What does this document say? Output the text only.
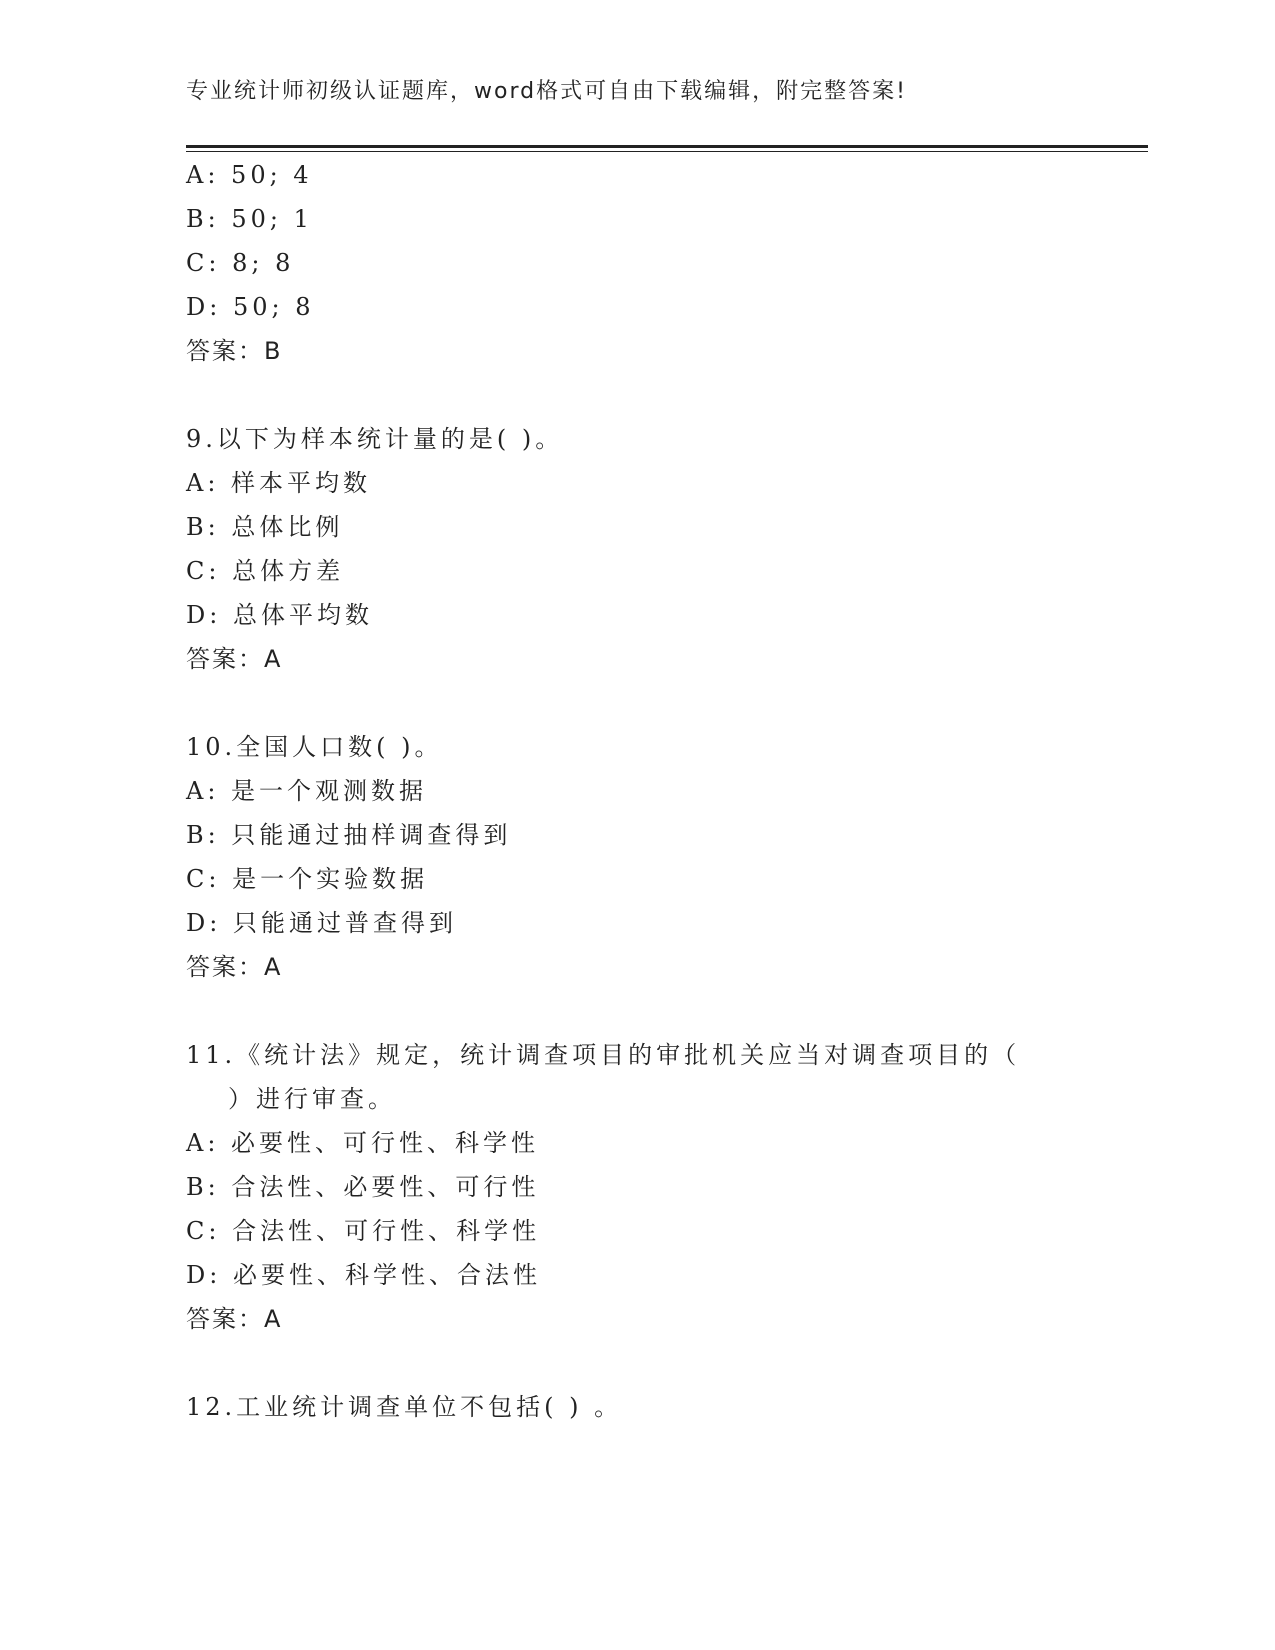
专业统计师初级认证题库，word格式可自由下载编辑，附完整答案!
A: 50; 4
B: 50; 1
C: 8; 8
D: 50; 8
答案：B
9.以下为样本统计量的是( )。
A: 样本平均数
B: 总体比例
C: 总体方差
D: 总体平均数
答案：A
10.全国人口数( )。
A: 是一个观测数据
B: 只能通过抽样调查得到
C: 是一个实验数据
D: 只能通过普查得到
答案：A
11.《统计法》规定，统计调查项目的审批机关应当对调查项目的（
）进行审查。
A: 必要性、可行性、科学性
B: 合法性、必要性、可行性
C: 合法性、可行性、科学性
D: 必要性、科学性、合法性
答案：A
12.工业统计调查单位不包括( ) 。
